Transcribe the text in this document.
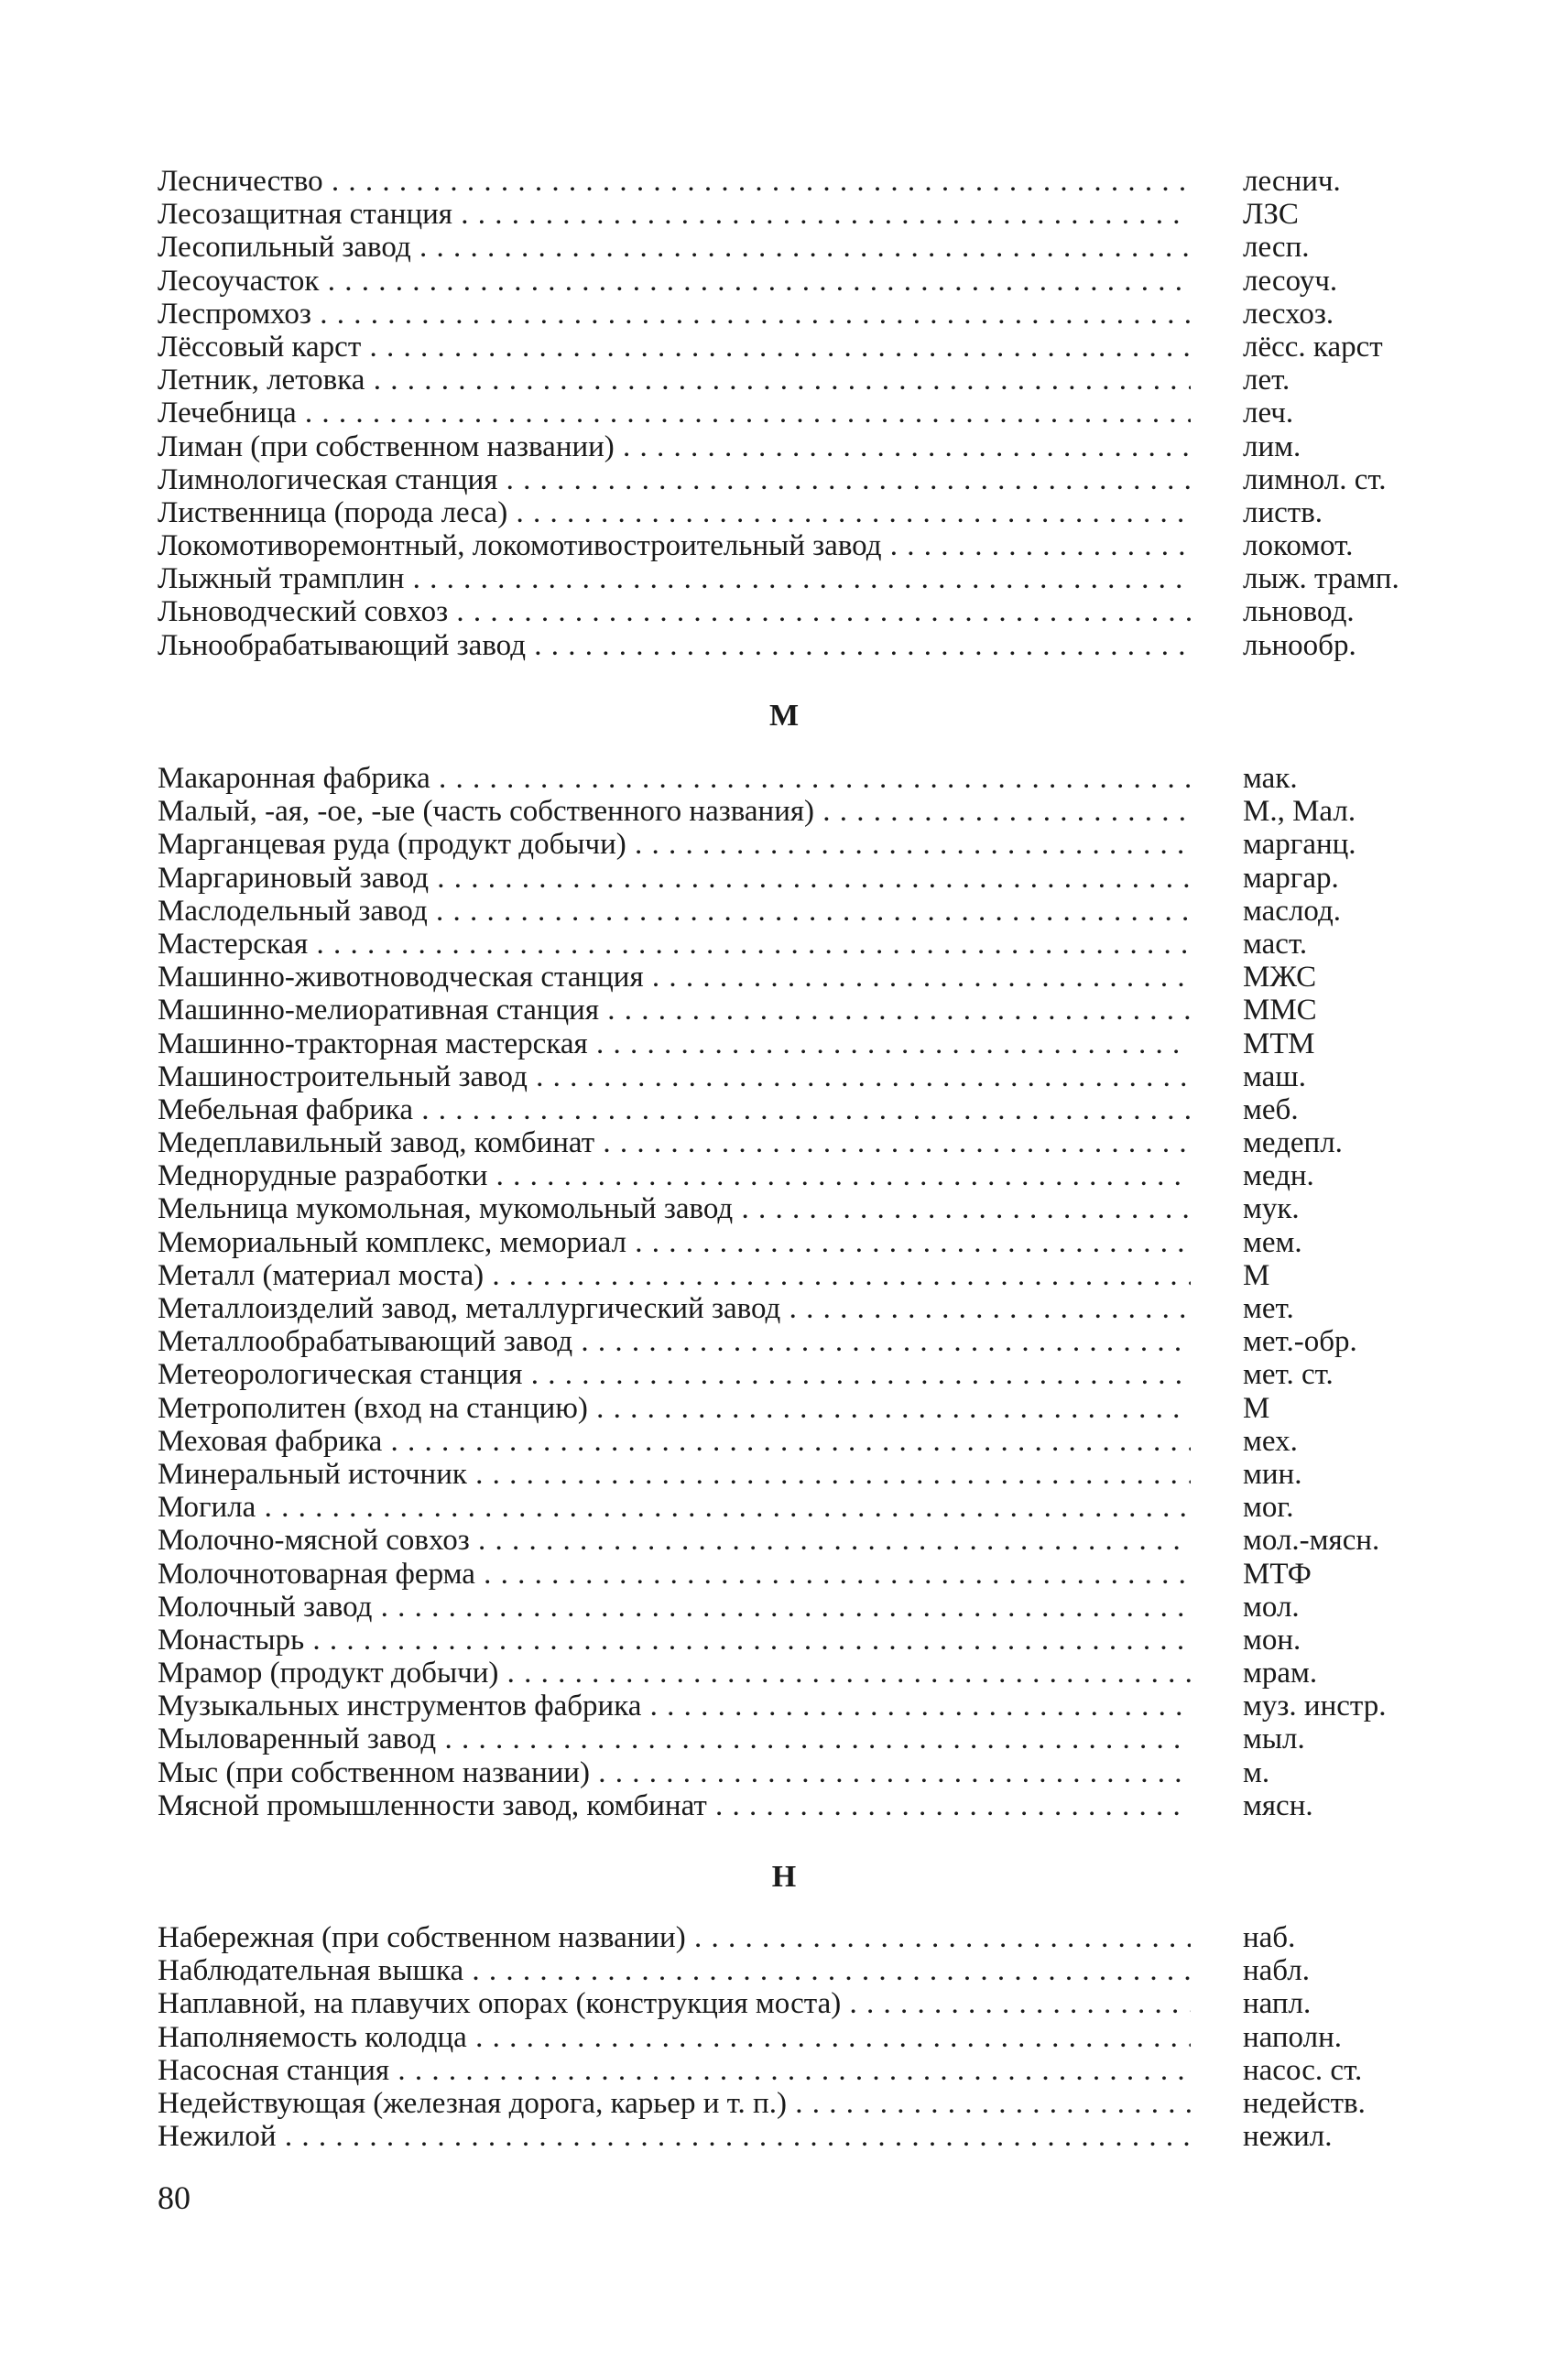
Лесничество . .	леснич.
Лесозащитная станция . .	ЛЗС
Лесопильный завод . .	лесп.
Лесоучасток . .	лесоуч.
Леспромхоз . .	лесхоз.
Лёссовый карст . .	лёсс. карст
Летник, летовка . .	лет.
Лечебница . .	леч.
Лиман (при собственном названии) . .	лим.
Лимнологическая станция . .	лимнол. ст.
Лиственница (порода леса) . .	листв.
Локомотиворемонтный, локомотивостроительный завод . .	локомот.
Лыжный трамплин . .	лыж. трамп.
Льноводческий совхоз . .	льновод.
Льнообрабатывающий завод . .	льнообр.
М
Макаронная фабрика . .	мак.
Малый, -ая, -ое, -ые (часть собственного названия) . .	М., Мал.
Марганцевая руда (продукт добычи) . .	марганц.
Маргариновый завод . .	маргар.
Маслодельный завод . .	маслод.
Мастерская . .	маст.
Машинно-животноводческая станция . .	МЖС
Машинно-мелиоративная станция . .	ММС
Машинно-тракторная мастерская . .	МТМ
Машиностроительный завод . .	маш.
Мебельная фабрика . .	меб.
Медеплавильный завод, комбинат . .	медепл.
Меднорудные разработки . .	медн.
Мельница мукомольная, мукомольный завод . .	мук.
Мемориальный комплекс, мемориал . .	мем.
Металл (материал моста) . .	М
Металлоизделий завод, металлургический завод . .	мет.
Металлообрабатывающий завод . .	мет.-обр.
Метеорологическая станция . .	мет. ст.
Метрополитен (вход на станцию) . .	М
Меховая фабрика . .	мех.
Минеральный источник . .	мин.
Могила . .	мог.
Молочно-мясной совхоз . .	мол.-мясн.
Молочнотоварная ферма . .	МТФ
Молочный завод . .	мол.
Монастырь . .	мон.
Мрамор (продукт добычи) . .	мрам.
Музыкальных инструментов фабрика . .	муз. инстр.
Мыловаренный завод . .	мыл.
Мыс (при собственном названии) . .	м.
Мясной промышленности завод, комбинат . .	мясн.
Н
Набережная (при собственном названии) . .	наб.
Наблюдательная вышка . .	набл.
Наплавной, на плавучих опорах (конструкция моста) . .	напл.
Наполняемость колодца . .	наполн.
Насосная станция . .	насос. ст.
Недействующая (железная дорога, карьер и т. п.) . .	недейств.
Нежилой . .	нежил.
80
